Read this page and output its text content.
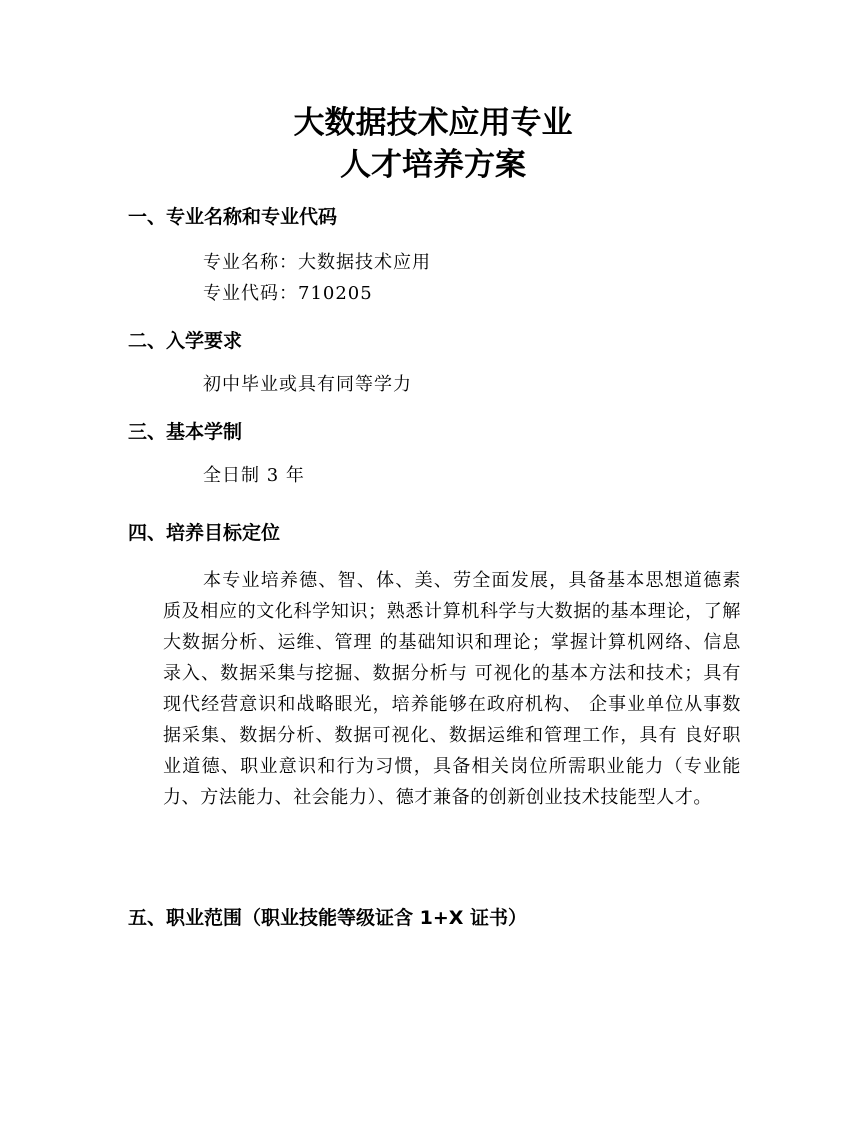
大数据技术应用专业
人才培养方案
一、专业名称和专业代码

专业名称：大数据技术应用

专业代码：710205

二、入学要求

初中毕业或具有同等学力

三、基本学制

全日制 3 年

四、培养目标定位

本专业培养德、智、体、美、劳全面发展，具备基本思想道德素质及相应的文化科学知识；熟悉计算机科学与大数据的基本理论，了解大数据分析、运维、管理 的基础知识和理论；掌握计算机网络、信息录入、数据采集与挖掘、数据分析与 可视化的基本方法和技术；具有现代经营意识和战略眼光，培养能够在政府机构、 企事业单位从事数据采集、数据分析、数据可视化、数据运维和管理工作，具有 良好职业道德、职业意识和行为习惯，具备相关岗位所需职业能力（专业能力、方法能力、社会能力）、德才兼备的创新创业技术技能型人才。

五、职业范围（职业技能等级证含 1+X 证书）
